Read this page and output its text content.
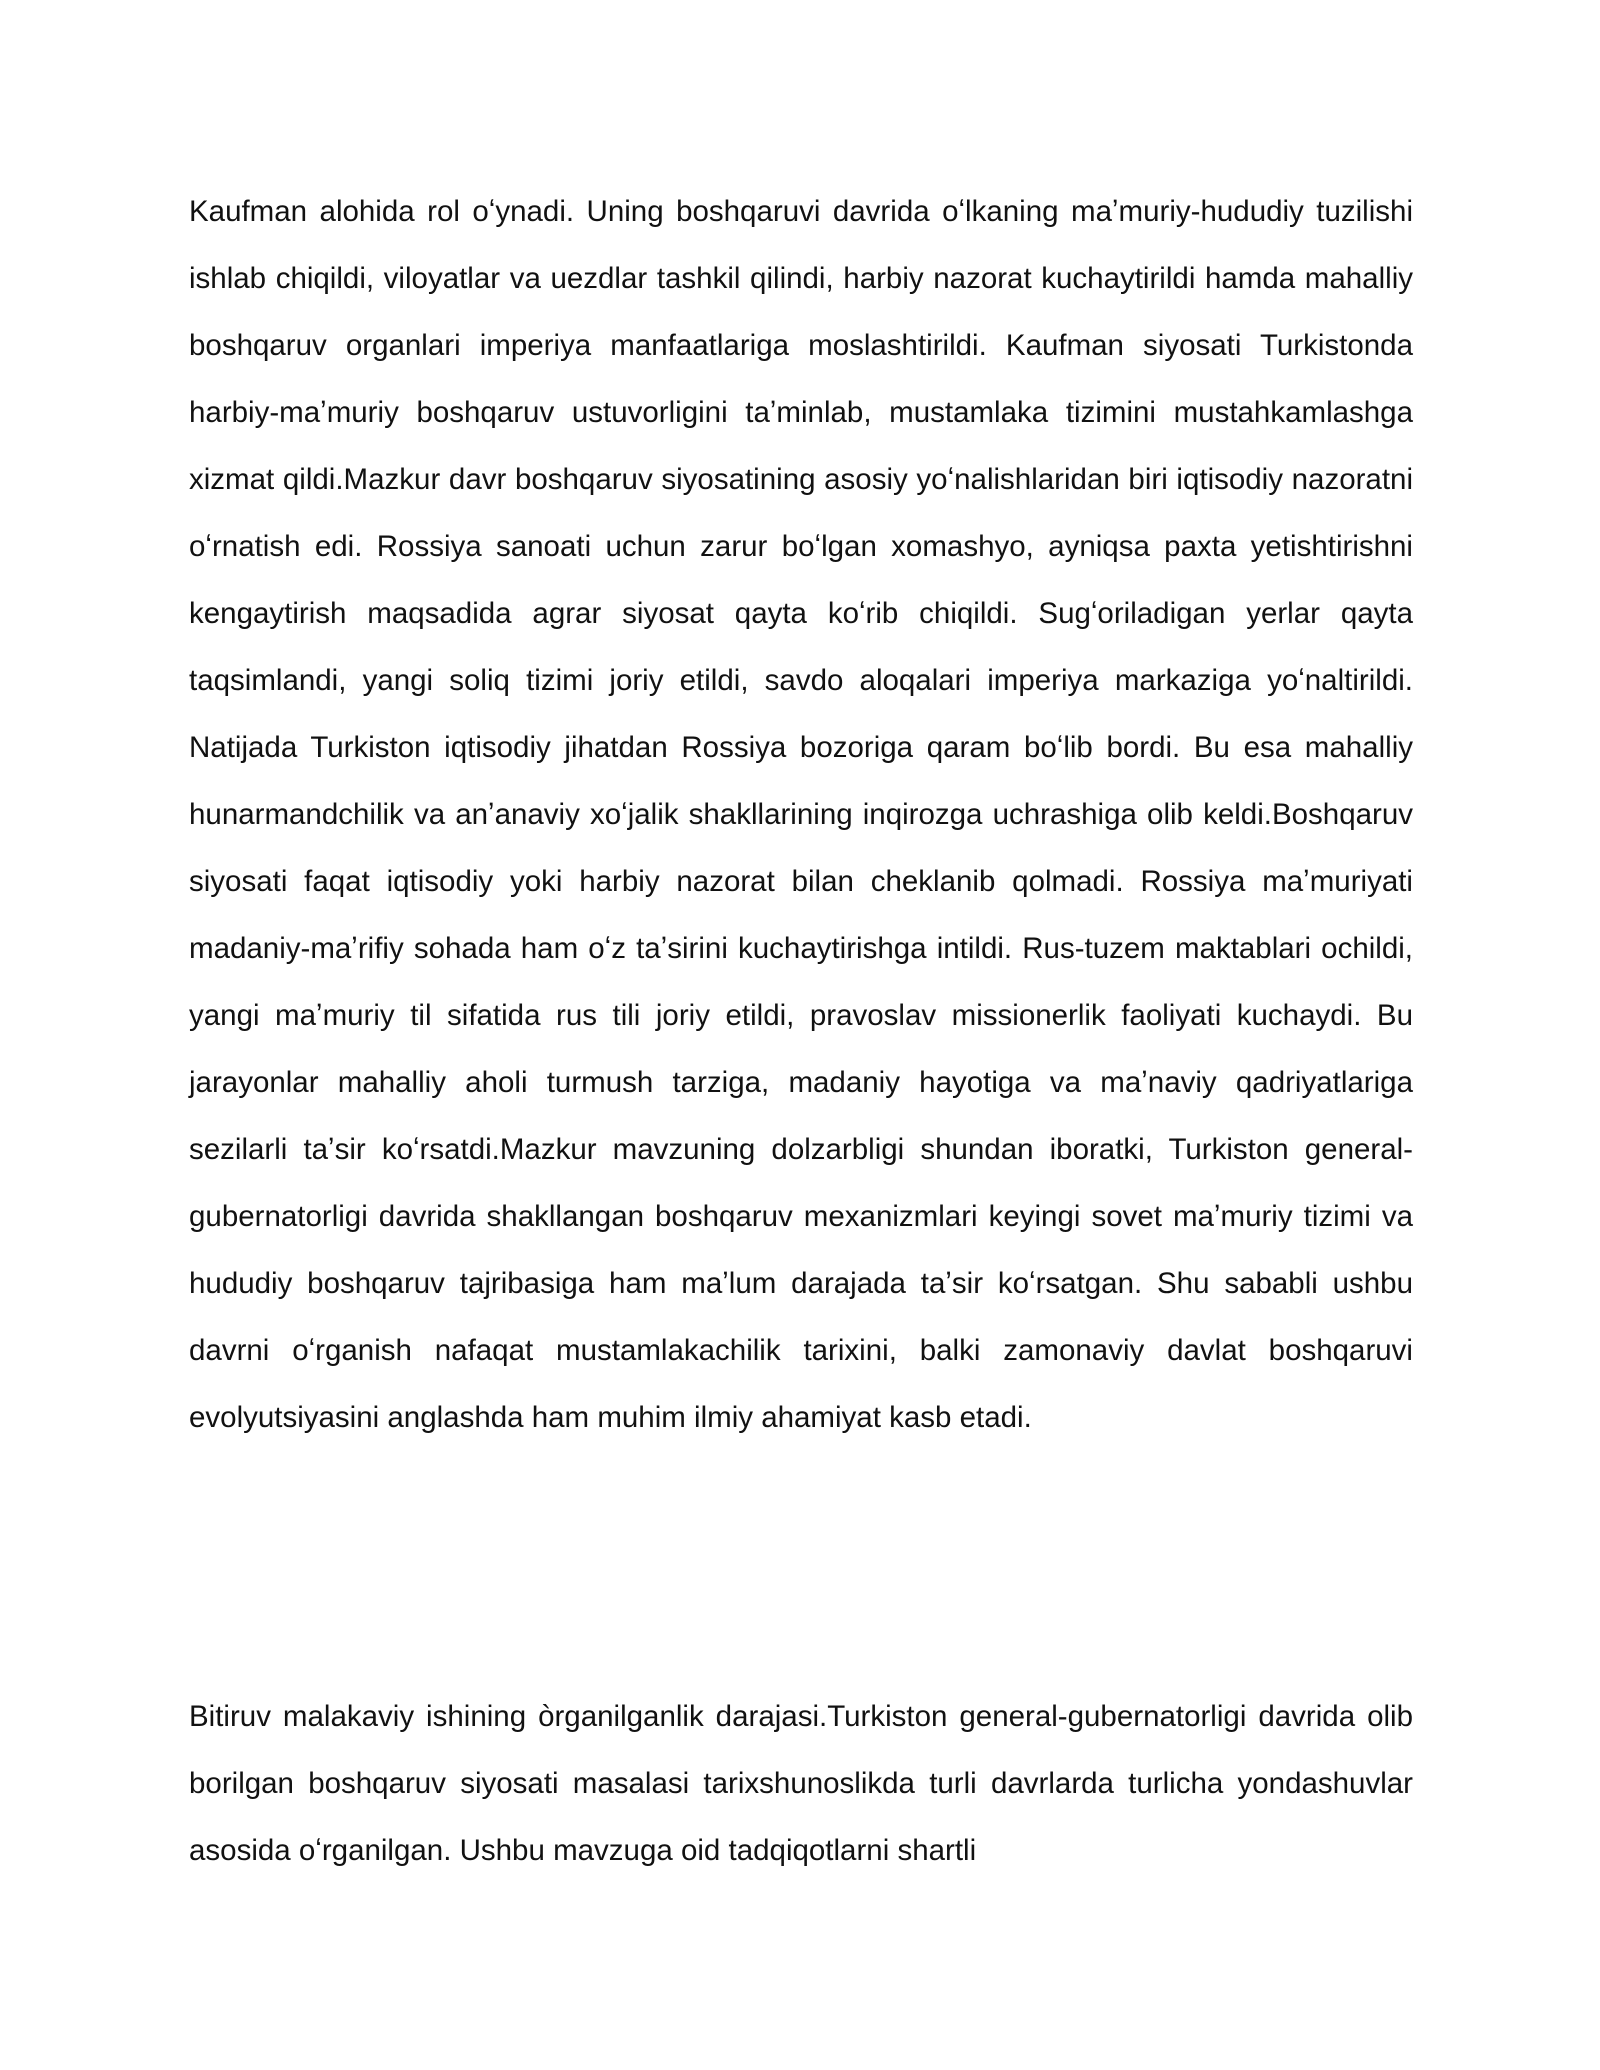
Kaufman alohida rol oʻynadi. Uning boshqaruvi davrida oʻlkaning maʼmuriy-hududiy tuzilishi ishlab chiqildi, viloyatlar va uezdlar tashkil qilindi, harbiy nazorat kuchaytirildi hamda mahalliy boshqaruv organlari imperiya manfaatlariga moslashtirildi. Kaufman siyosati Turkistonda harbiy-maʼmuriy boshqaruv ustuvorligini taʼminlab, mustamlaka tizimini mustahkamlashga xizmat qildi.Mazkur davr boshqaruv siyosatining asosiy yoʻnalishlaridan biri iqtisodiy nazoratni oʻrnatish edi. Rossiya sanoati uchun zarur boʻlgan xomashyo, ayniqsa paxta yetishtirishni kengaytirish maqsadida agrar siyosat qayta koʻrib chiqildi. Sugʻoriladigan yerlar qayta taqsimlandi, yangi soliq tizimi joriy etildi, savdo aloqalari imperiya markaziga yoʻnaltirildi. Natijada Turkiston iqtisodiy jihatdan Rossiya bozoriga qaram boʻlib bordi. Bu esa mahalliy hunarmandchilik va anʼanaviy xoʻjalik shakllarining inqirozga uchrashiga olib keldi.Boshqaruv siyosati faqat iqtisodiy yoki harbiy nazorat bilan cheklanib qolmadi. Rossiya maʼmuriyati madaniy-maʼrifiy sohada ham oʻz taʼsirini kuchaytirishga intildi. Rus-tuzem maktablari ochildi, yangi maʼmuriy til sifatida rus tili joriy etildi, pravoslav missionerlik faoliyati kuchaydi. Bu jarayonlar mahalliy aholi turmush tarziga, madaniy hayotiga va maʼnaviy qadriyatlariga sezilarli taʼsir koʻrsatdi.Mazkur mavzuning dolzarbligi shundan iboratki, Turkiston general-gubernatorligi davrida shakllangan boshqaruv mexanizmlari keyingi sovet maʼmuriy tizimi va hududiy boshqaruv tajribasiga ham maʼlum darajada taʼsir koʻrsatgan. Shu sababli ushbu davrni oʻrganish nafaqat mustamlakachilik tarixini, balki zamonaviy davlat boshqaruvi evolyutsiyasini anglashda ham muhim ilmiy ahamiyat kasb etadi.

Bitiruv malakaviy ishining òrganilganlik darajasi.Turkiston general-gubernatorligi davrida olib borilgan boshqaruv siyosati masalasi tarixshunoslikda turli davrlarda turlicha yondashuvlar asosida oʻrganilgan. Ushbu mavzuga oid tadqiqotlarni shartli
